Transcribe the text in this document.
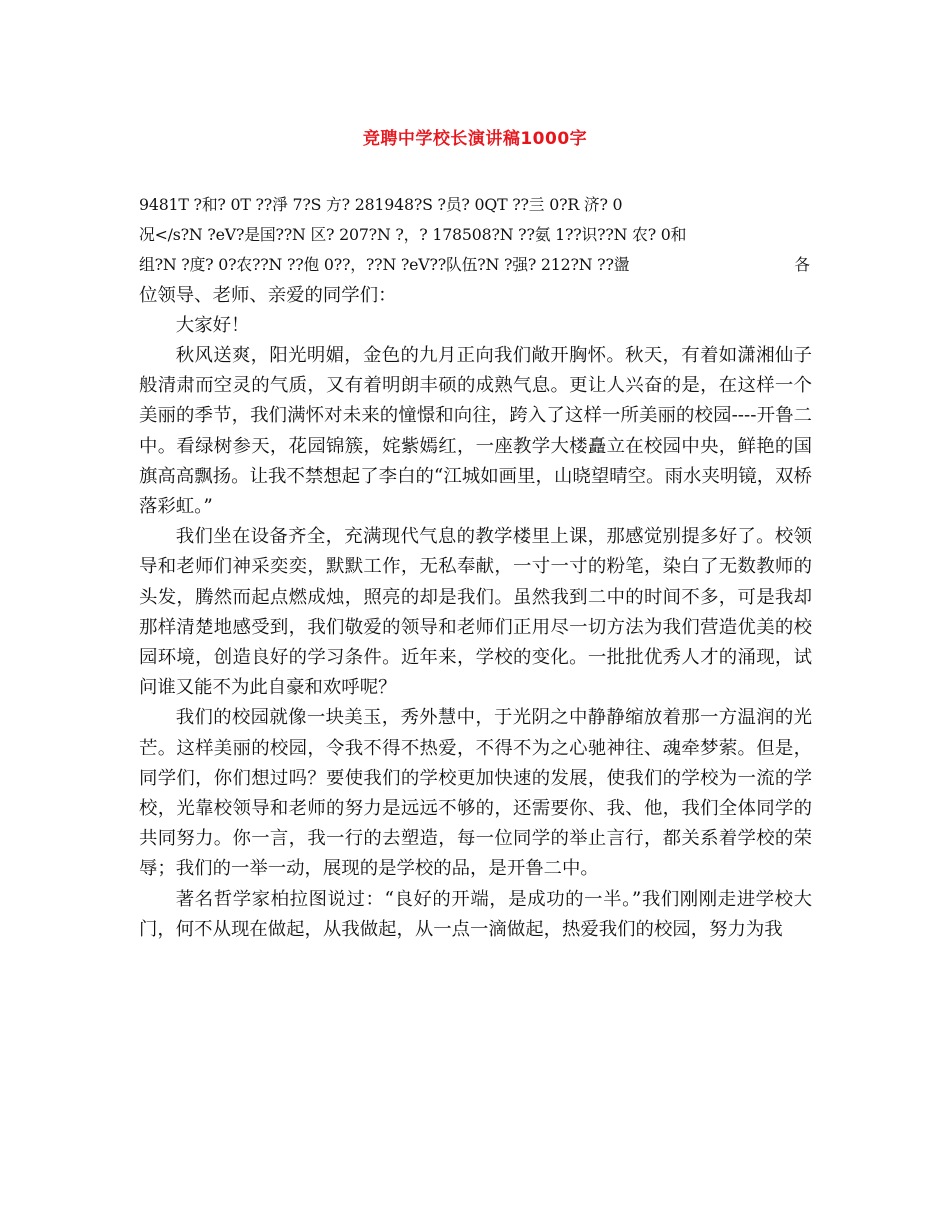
竞聘中学校长演讲稿1000字

9481T ?和? 0T ??淨 7?S 方? 281948?S ?员? 0QT ??亖 0?R 济? 0

况</s?N ?eV?是国??N 区? 207?N ?，? 178508?N ??氨 1??识??N 农? 0和

组?N ?度? 0?农??N ??佨 0??，??N ?eV??队伍?N ?强? 212?N ??盪	各

位领导、老师、亲爱的同学们：

大家好！

秋风送爽，阳光明媚，金色的九月正向我们敞开胸怀。秋天，有着如潇湘仙子般清肃而空灵的气质，又有着明朗丰硕的成熟气息。更让人兴奋的是，在这样一个美丽的季节，我们满怀对未来的憧憬和向往，跨入了这样一所美丽的校园----开鲁二中。看绿树参天，花园锦簇，姹紫嫣红，一座教学大楼矗立在校园中央，鲜艳的国旗高高飘扬。让我不禁想起了李白的“江城如画里，山晓望晴空。雨水夹明镜，双桥落彩虹。”

我们坐在设备齐全，充满现代气息的教学楼里上课，那感觉别提多好了。校领导和老师们神采奕奕，默默工作，无私奉献，一寸一寸的粉笔，染白了无数教师的头发，腾然而起点燃成烛，照亮的却是我们。虽然我到二中的时间不多，可是我却那样清楚地感受到，我们敬爱的领导和老师们正用尽一切方法为我们营造优美的校园环境，创造良好的学习条件。近年来，学校的变化。一批批优秀人才的涌现，试问谁又能不为此自豪和欢呼呢？

我们的校园就像一块美玉，秀外慧中，于光阴之中静静缩放着那一方温润的光芒。这样美丽的校园，令我不得不热爱，不得不为之心驰神往、魂牵梦萦。但是，同学们，你们想过吗？要使我们的学校更加快速的发展，使我们的学校为一流的学校，光靠校领导和老师的努力是远远不够的，还需要你、我、他，我们全体同学的共同努力。你一言，我一行的去塑造，每一位同学的举止言行，都关系着学校的荣辱；我们的一举一动，展现的是学校的品，是开鲁二中。

著名哲学家柏拉图说过：“良好的开端，是成功的一半。”我们刚刚走进学校大门，何不从现在做起，从我做起，从一点一滴做起，热爱我们的校园，努力为我
